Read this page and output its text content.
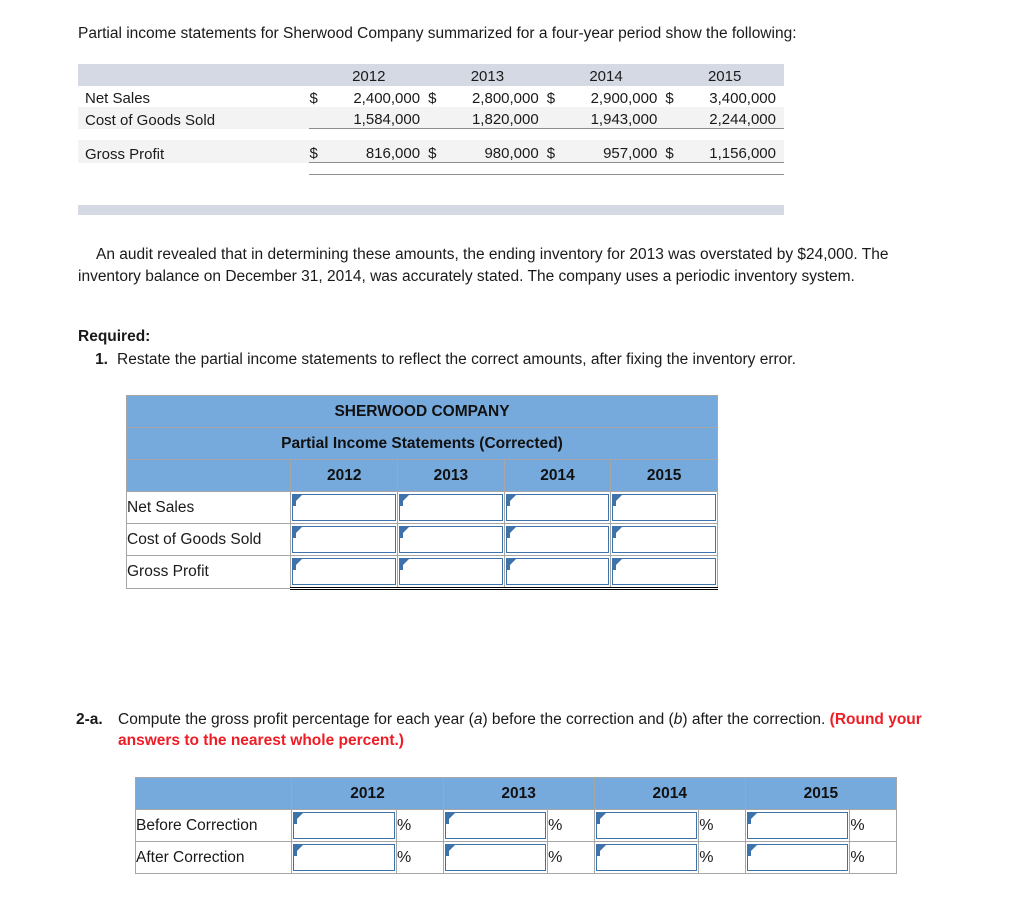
Partial income statements for Sherwood Company summarized for a four-year period show the following:
	2012	2013	2014	2015
Net Sales	$ 2,400,000	$ 2,800,000	$ 2,900,000	$ 3,400,000

Cost of Goods Sold	1,584,000	1,820,000	1,943,000	2,244,000

Gross Profit	$ 816,000	$ 980,000	$ 957,000	$ 1,156,000

An audit revealed that in determining these amounts, the ending inventory for 2013 was overstated by $24,000. The inventory balance on December 31, 2014, was accurately stated. The company uses a periodic inventory system.
Required:
1. Restate the partial income statements to reflect the correct amounts, after fixing the inventory error.
SHERWOOD COMPANY				
Partial Income Statements (Corrected)				
	2012	2013	2014	2015
Net Sales	

Cost of Goods Sold	

Gross Profit	

2-a. Compute the gross profit percentage for each year (a) before the correction and (b) after the correction. (Round your answers to the nearest whole percent.)
	2012		2013		2014		2015	
Before Correction		%		%		%		%
After Correction		%		%		%		%
